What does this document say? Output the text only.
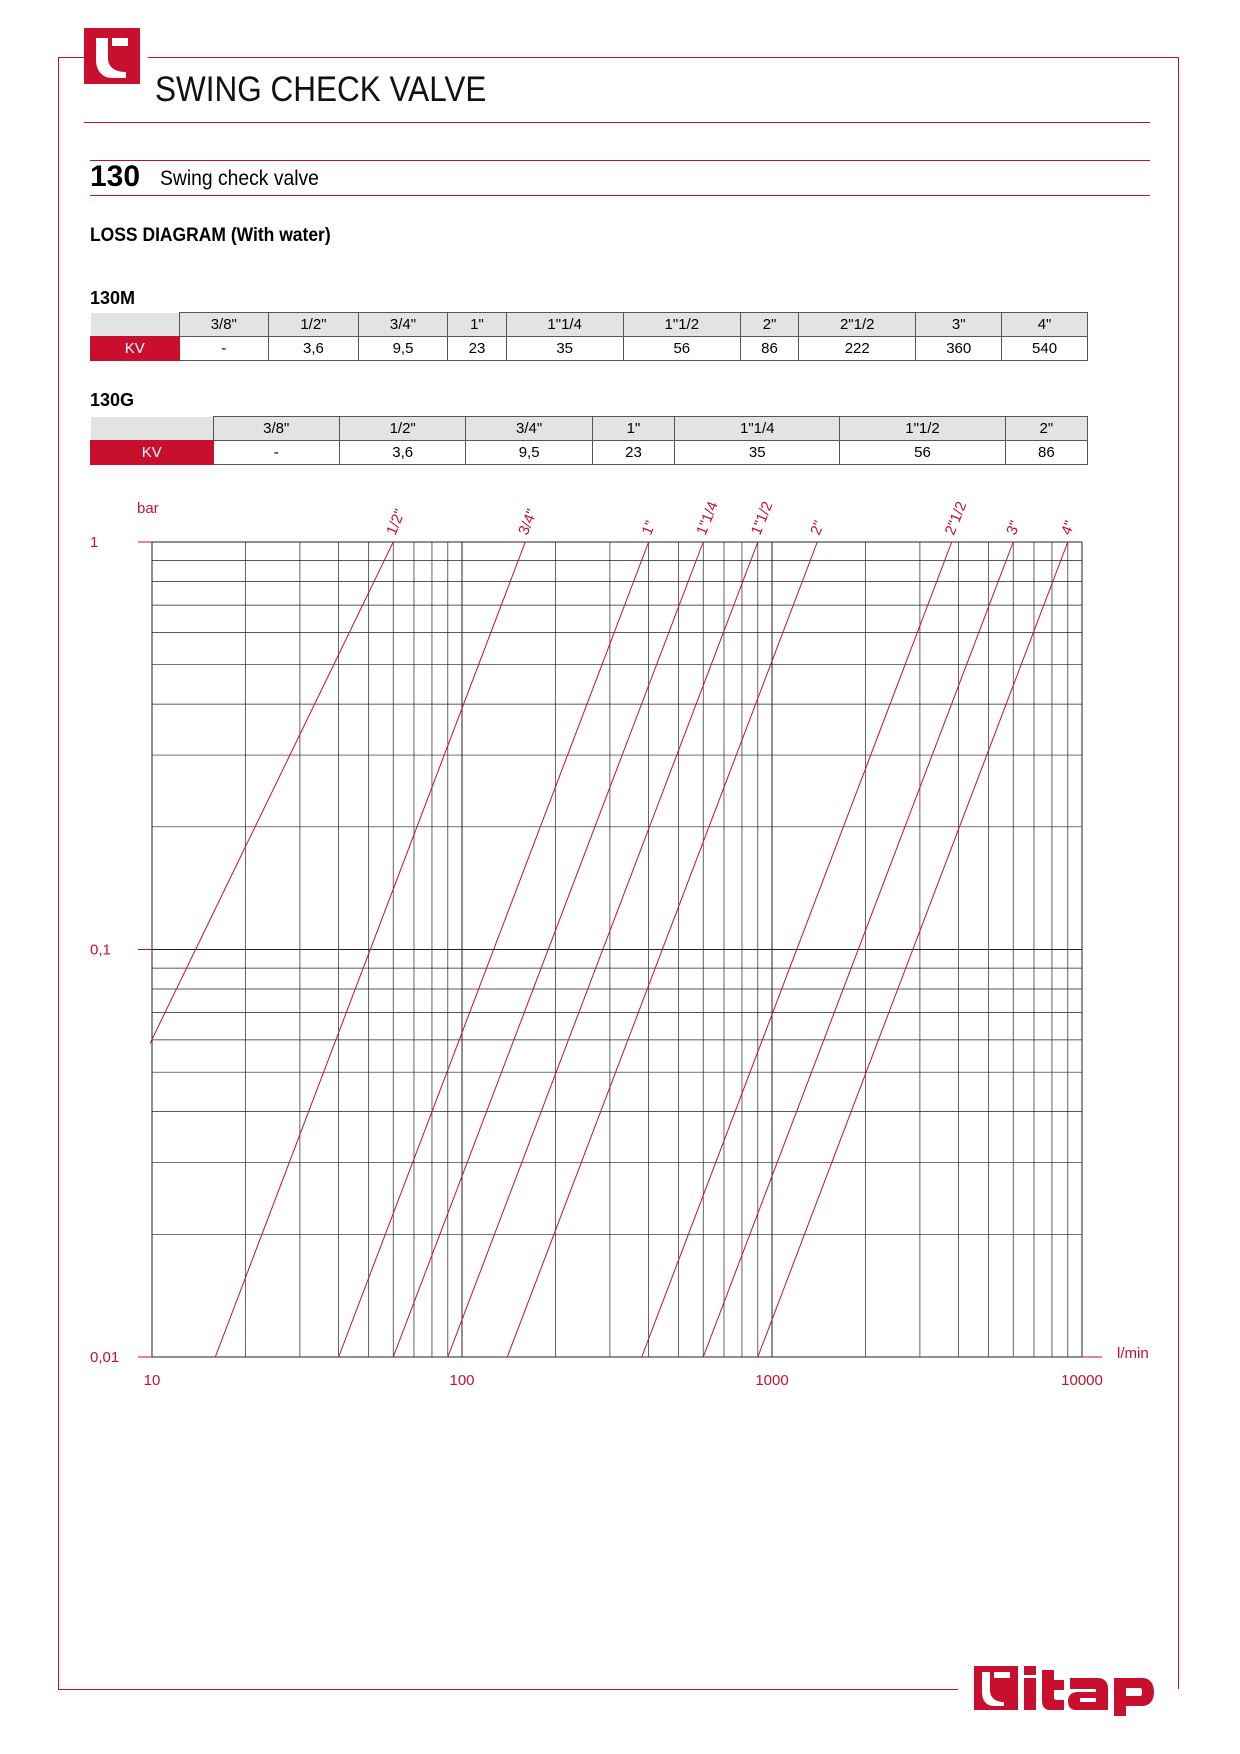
SWING CHECK VALVE
130 Swing check valve
LOSS DIAGRAM (With water)
130M
	3/8"	1/2"	3/4"	1"	1"1/4	1"1/2	2"	2"1/2	3"	4"
KV	-	3,6	9,5	23	35	56	86	222	360	540
130G
	3/8"	1/2"	3/4"	1"	1"1/4	1"1/2	2"
KV	-	3,6	9,5	23	35	56	86
0,01
0,1
1
10	100	1000	10000
1/2"	3/4"	1" 1"1/4 1"1/2 2"	2"1/2 3" 4"
bar
l/min
